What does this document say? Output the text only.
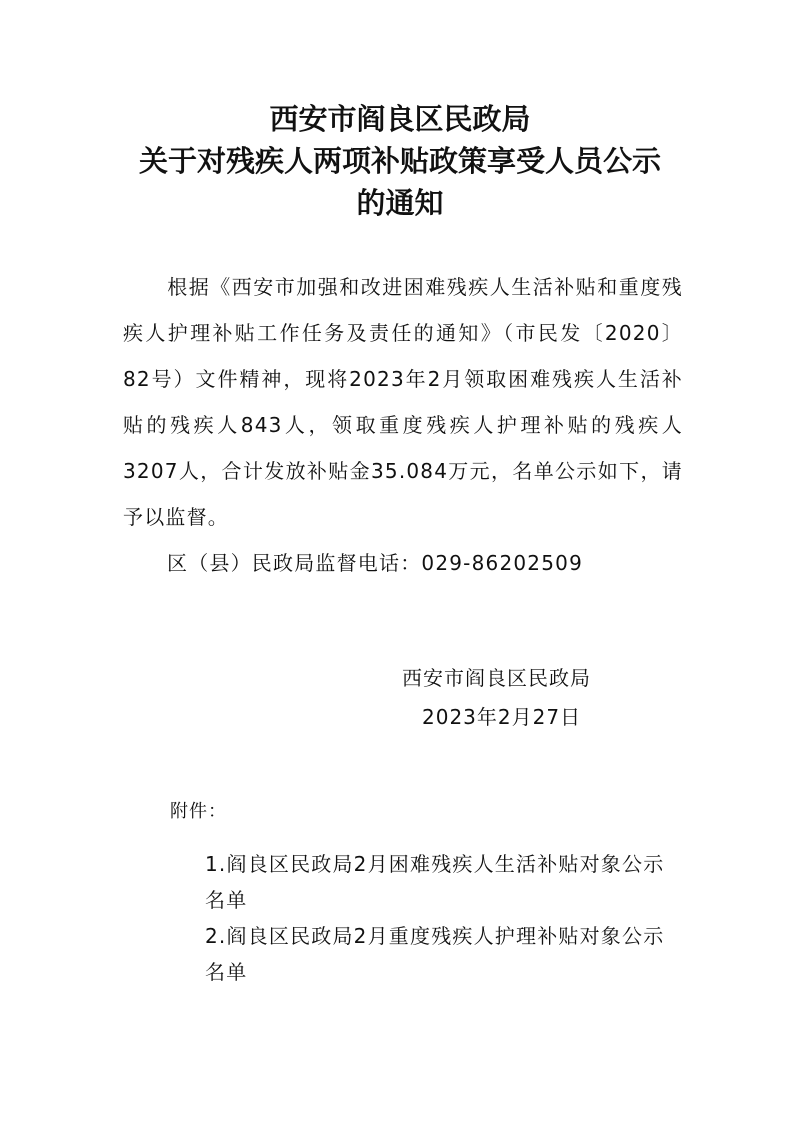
西安市阎良区民政局
关于对残疾人两项补贴政策享受人员公示
的通知

根据《西安市加强和改进困难残疾人生活补贴和重度残疾人护理补贴工作任务及责任的通知》（市民发〔2020〕82号）文件精神，现将2023年2月领取困难残疾人生活补贴的残疾人843人，领取重度残疾人护理补贴的残疾人3207人，合计发放补贴金35.084万元，名单公示如下，请予以监督。

区（县）民政局监督电话：029-86202509

西安市阎良区民政局

2023年2月27日

附件：

1.阎良区民政局2月困难残疾人生活补贴对象公示名单
2.阎良区民政局2月重度残疾人护理补贴对象公示名单
